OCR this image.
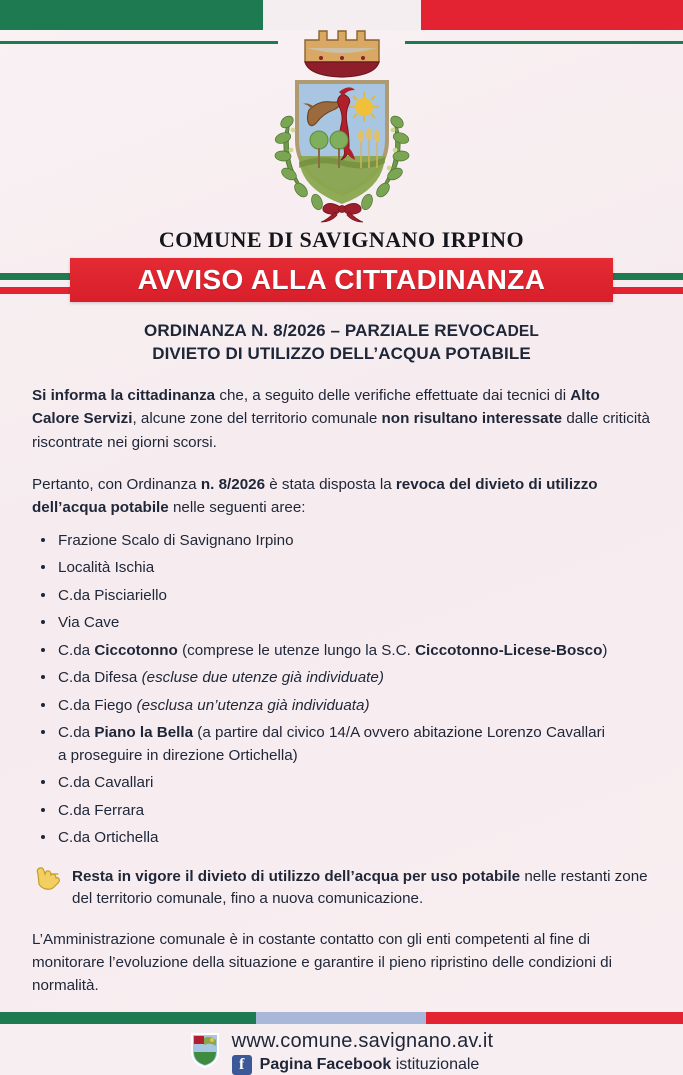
COMUNE DI SAVIGNANO IRPINO
AVVISO ALLA CITTADINANZA
ORDINANZA N. 8/2026 – PARZIALE REVOCADEL
DIVIETO DI UTILIZZO DELL’ACQUA POTABILE

Si informa la cittadinanza che, a seguito delle verifiche effettuate dai tecnici di Alto Calore Servizi, alcune zone del territorio comunale non risultano interessate dalle criticità riscontrate nei giorni scorsi.

Pertanto, con Ordinanza n. 8/2026 è stata disposta la revoca del divieto di utilizzo dell’acqua potabile nelle seguenti aree:

Frazione Scalo di Savignano Irpino
Località Ischia
C.da Pisciariello
Via Cave
C.da Ciccotonno (comprese le utenze lungo la S.C. Ciccotonno-Licese-Bosco)
C.da Difesa (escluse due utenze già individuate)
C.da Fiego (esclusa un’utenza già individuata)
C.da Piano la Bella (a partire dal civico 14/A ovvero abitazione Lorenzo Cavallari
a proseguire in direzione Ortichella)
C.da Cavallari
C.da Ferrara
C.da Ortichella
Resta in vigore il divieto di utilizzo dell’acqua per uso potabile nelle restanti zone del territorio comunale, fino a nuova comunicazione.

L’Amministrazione comunale è in costante contatto con gli enti competenti al fine di monitorare l’evoluzione della situazione e garantire il pieno ripristino delle condizioni di normalità.

www.comune.savignano.av.it
f Pagina Facebook istituzionale
